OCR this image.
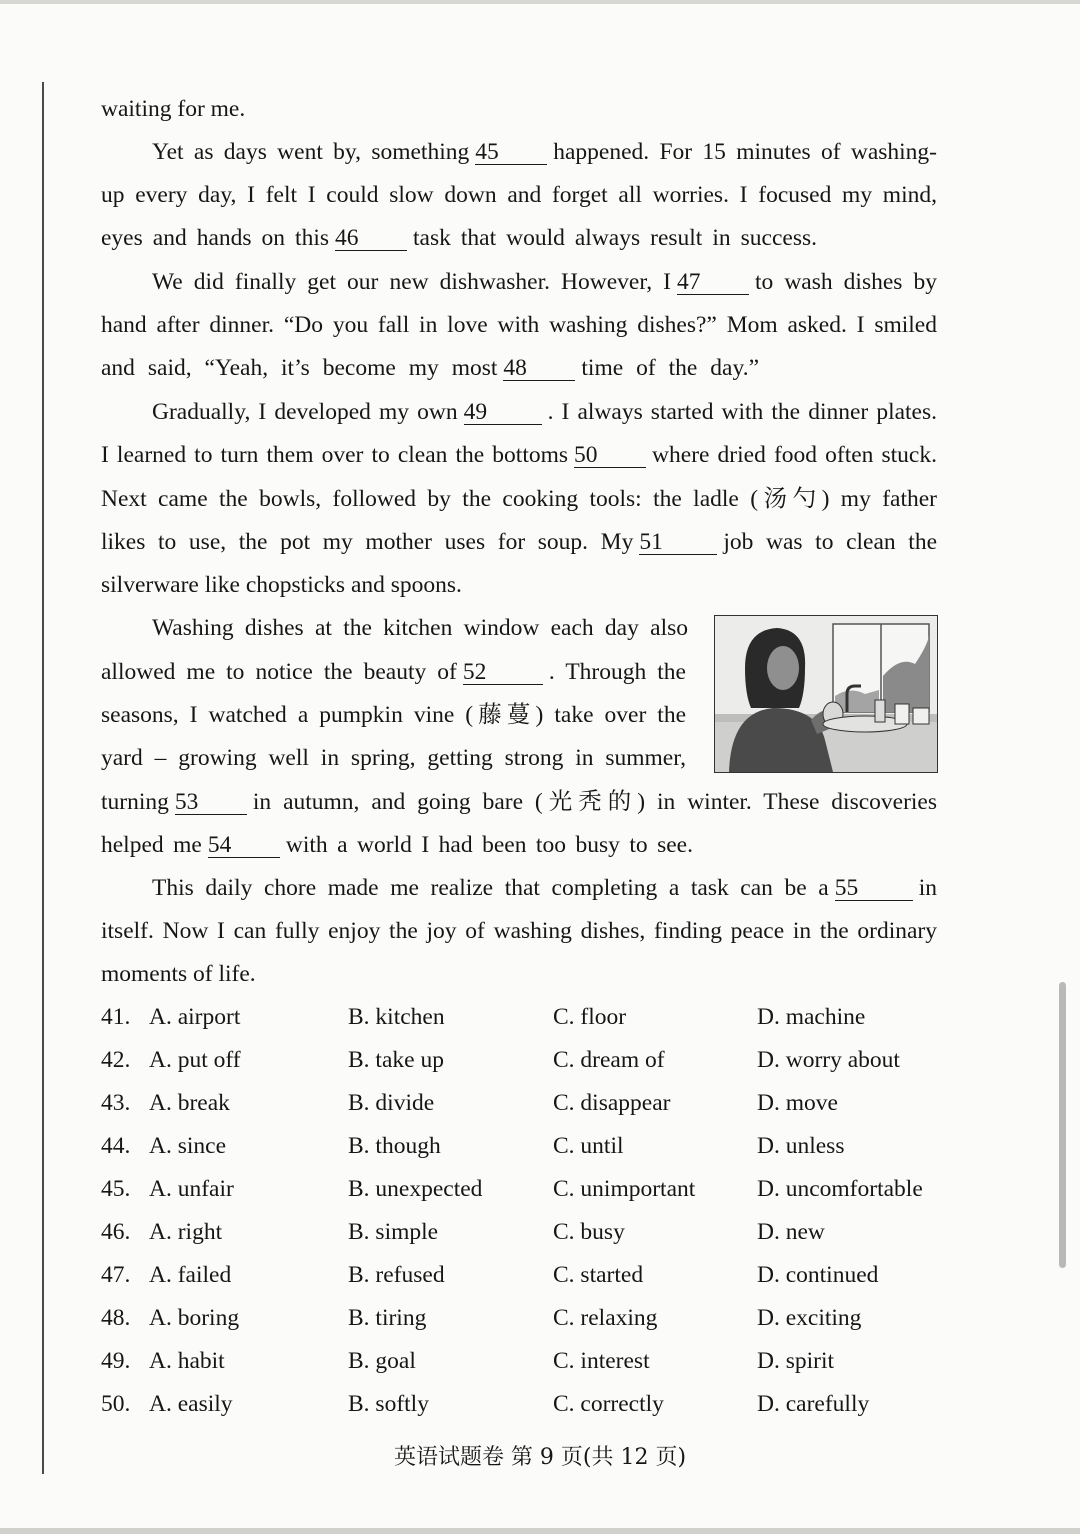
waiting for me.
Yet as days went by, something 45 happened. For 15 minutes of washing-
up every day, I felt I could slow down and forget all worries. I focused my mind,
eyes and hands on this 46 task that would always result in success.
We did finally get our new dishwasher. However, I 47 to wash dishes by
hand after dinner. “Do you fall in love with washing dishes?” Mom asked. I smiled
and said, “Yeah, it’s become my most 48 time of the day.”
Gradually, I developed my own 49	. I always started with the dinner plates.
I learned to turn them over to clean the bottoms 50 where dried food often stuck.
Next came the bowls, followed by the cooking tools: the ladle (汤勺) my father
likes to use, the pot my mother uses for soup. My 51	job was to clean the
silverware like chopsticks and spoons.
Washing dishes at the kitchen window each day also
allowed me to notice the beauty of 52	. Through the
seasons, I watched a pumpkin vine (藤蔓) take over the
yard – growing well in spring, getting strong in summer,
turning 53 in autumn, and going bare (光秃的) in winter. These discoveries
helped me 54 with a world I had been too busy to see.
This daily chore made me realize that completing a task can be a 55	in
itself. Now I can fully enjoy the joy of washing dishes, finding peace in the ordinary
moments of life.
41. A. airport	B. kitchen	C. floor	D. machine
42. A. put off	B. take up	C. dream of	D. worry about
43. A. break	B. divide	C. disappear	D. move
44. A. since	B. though	C. until	D. unless
45. A. unfair	B. unexpected	C. unimportant	D. uncomfortable
46. A. right	B. simple	C. busy	D. new
47. A. failed	B. refused	C. started	D. continued
48. A. boring	B. tiring	C. relaxing	D. exciting
49. A. habit	B. goal	C. interest	D. spirit
50. A. easily	B. softly	C. correctly	D. carefully
英语试题卷 第 9 页(共 12 页)
